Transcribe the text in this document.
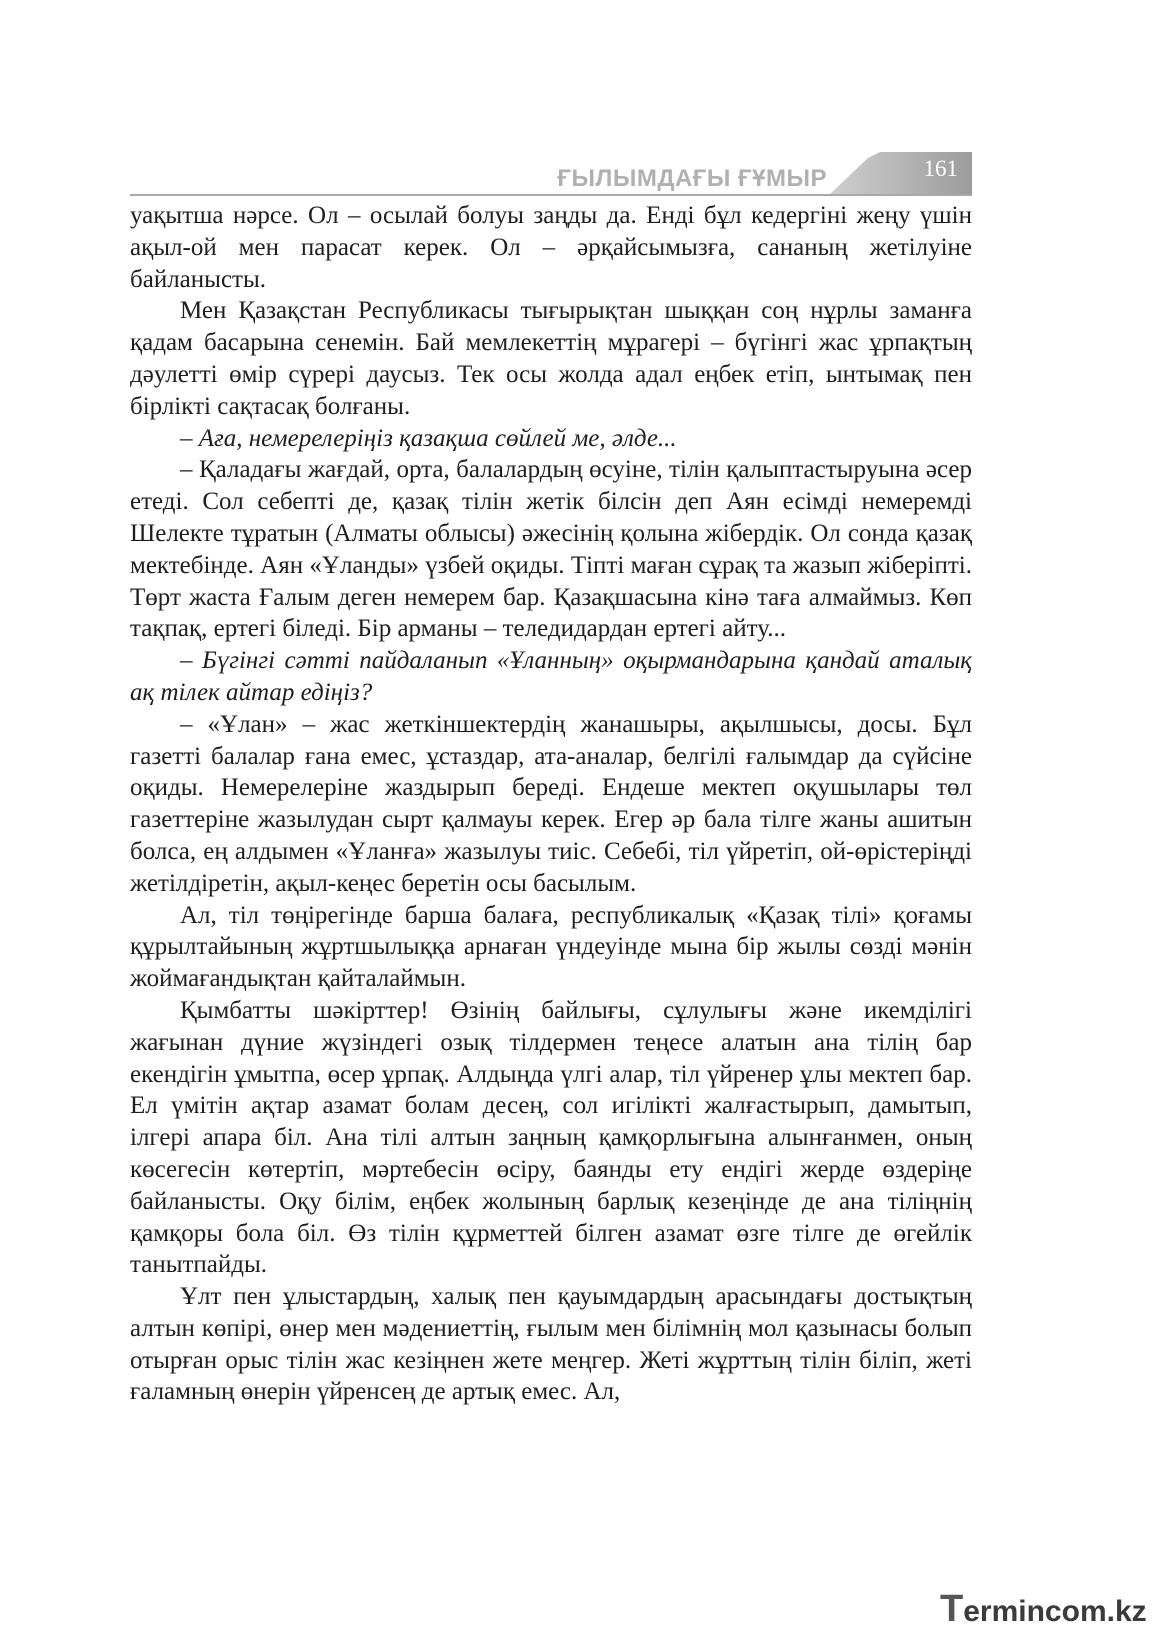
ҒЫЛЫМДАҒЫ ҒҰМЫР	161

уақытша нәрсе. Ол – осылай болуы заңды да. Енді бұл кедергіні жеңу үшін ақыл-ой мен парасат керек. Ол – әрқайсымызға, сананың жетілуіне байланысты.

Мен Қазақстан Республикасы тығырықтан шыққан соң нұрлы заманға қадам басарына сенемін. Бай мемлекеттің мұрагері – бүгінгі жас ұрпақтың дәулетті өмір сүрері даусыз. Тек осы жолда адал еңбек етіп, ынтымақ пен бірлікті сақтасақ болғаны.

– Аға, немерелеріңіз қазақша сөйлей ме, әлде...

– Қаладағы жағдай, орта, балалардың өсуіне, тілін қалыптастыруына әсер етеді. Сол себепті де, қазақ тілін жетік білсін деп Аян есімді немеремді Шелекте тұратын (Алматы облысы) әжесінің қолына жібердік. Ол сонда қазақ мектебінде. Аян «Ұланды» үзбей оқиды. Тіпті маған сұрақ та жазып жіберіпті. Төрт жаста Ғалым деген немерем бар. Қазақшасына кінә таға алмаймыз. Көп тақпақ, ертегі біледі. Бір арманы – теледидардан ертегі айту...

– Бүгінгі сәтті пайдаланып «Ұланның» оқырмандарына қандай аталық ақ тілек айтар едіңіз?

– «Ұлан» – жас жеткіншектердің жанашыры, ақылшысы, досы. Бұл газетті балалар ғана емес, ұстаздар, ата-аналар, белгілі ғалымдар да сүйсіне оқиды. Немерелеріне жаздырып береді. Ендеше мектеп оқушылары төл газеттеріне жазылудан сырт қалмауы керек. Егер әр бала тілге жаны ашитын болса, ең алдымен «Ұланға» жазылуы тиіс. Себебі, тіл үйретіп, ой-өрістеріңді жетілдіретін, ақыл-кеңес беретін осы басылым.

Ал, тіл төңірегінде барша балаға, республикалық «Қазақ тілі» қоғамы құрылтайының жұртшылыққа арнаған үндеуінде мына бір жылы сөзді мәнін жоймағандықтан қайталаймын.

Қымбатты шәкірттер! Өзінің байлығы, сұлулығы және икемділігі жағынан дүние жүзіндегі озық тілдермен теңесе алатын ана тілің бар екендігін ұмытпа, өсер ұрпақ. Алдыңда үлгі алар, тіл үйренер ұлы мектеп бар. Ел үмітін ақтар азамат болам десең, сол игілікті жалғастырып, дамытып, ілгері апара біл. Ана тілі алтын заңның қамқорлығына алынғанмен, оның көсегесін көтертіп, мәртебесін өсіру, баянды ету ендігі жерде өздеріңе байланысты. Оқу білім, еңбек жолының барлық кезеңінде де ана тіліңнің қамқоры бола біл. Өз тілін құрметтей білген азамат өзге тілге де өгейлік танытпайды.

Ұлт пен ұлыстардың, халық пен қауымдардың арасындағы достықтың алтын көпірі, өнер мен мәдениеттің, ғылым мен білімнің мол қазынасы болып отырған орыс тілін жас кезіңнен жете меңгер. Жеті жұрттың тілін біліп, жеті ғаламның өнерін үйренсең де артық емес. Ал,

Termincom.kz
